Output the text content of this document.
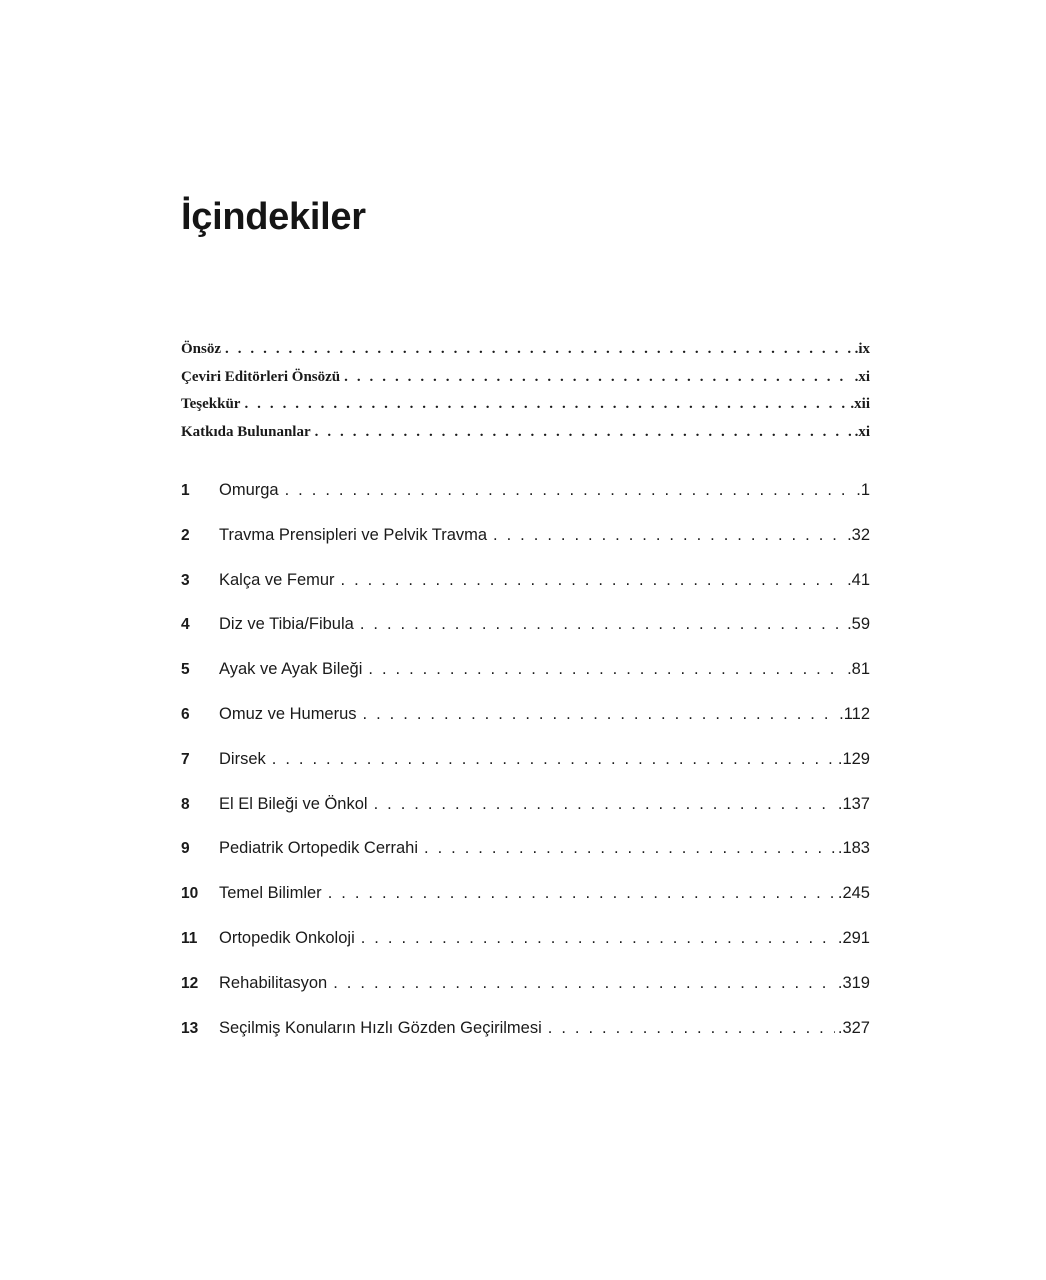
İçindekiler
Önsöz . . .	.ix
Çeviri Editörleri Önsözü . . .	.xi
Teşekkür . . .	.xii
Katkıda Bulunanlar . . .	.xi
1	Omurga . . .	.1
2	Travma Prensipleri ve Pelvik Travma . . .	.32
3	Kalça ve Femur . . .	.41
4	Diz ve Tibia/Fibula . . .	.59
5	Ayak ve Ayak Bileği . . .	.81
6	Omuz ve Humerus . . .	.112
7	Dirsek . . .	.129
8	El El Bileği ve Önkol . . .	.137
9	Pediatrik Ortopedik Cerrahi . . .	.183
10	Temel Bilimler . . .	.245
11	Ortopedik Onkoloji . . .	.291
12	Rehabilitasyon . . .	.319
13	Seçilmiş Konuların Hızlı Gözden Geçirilmesi . . .	.327
